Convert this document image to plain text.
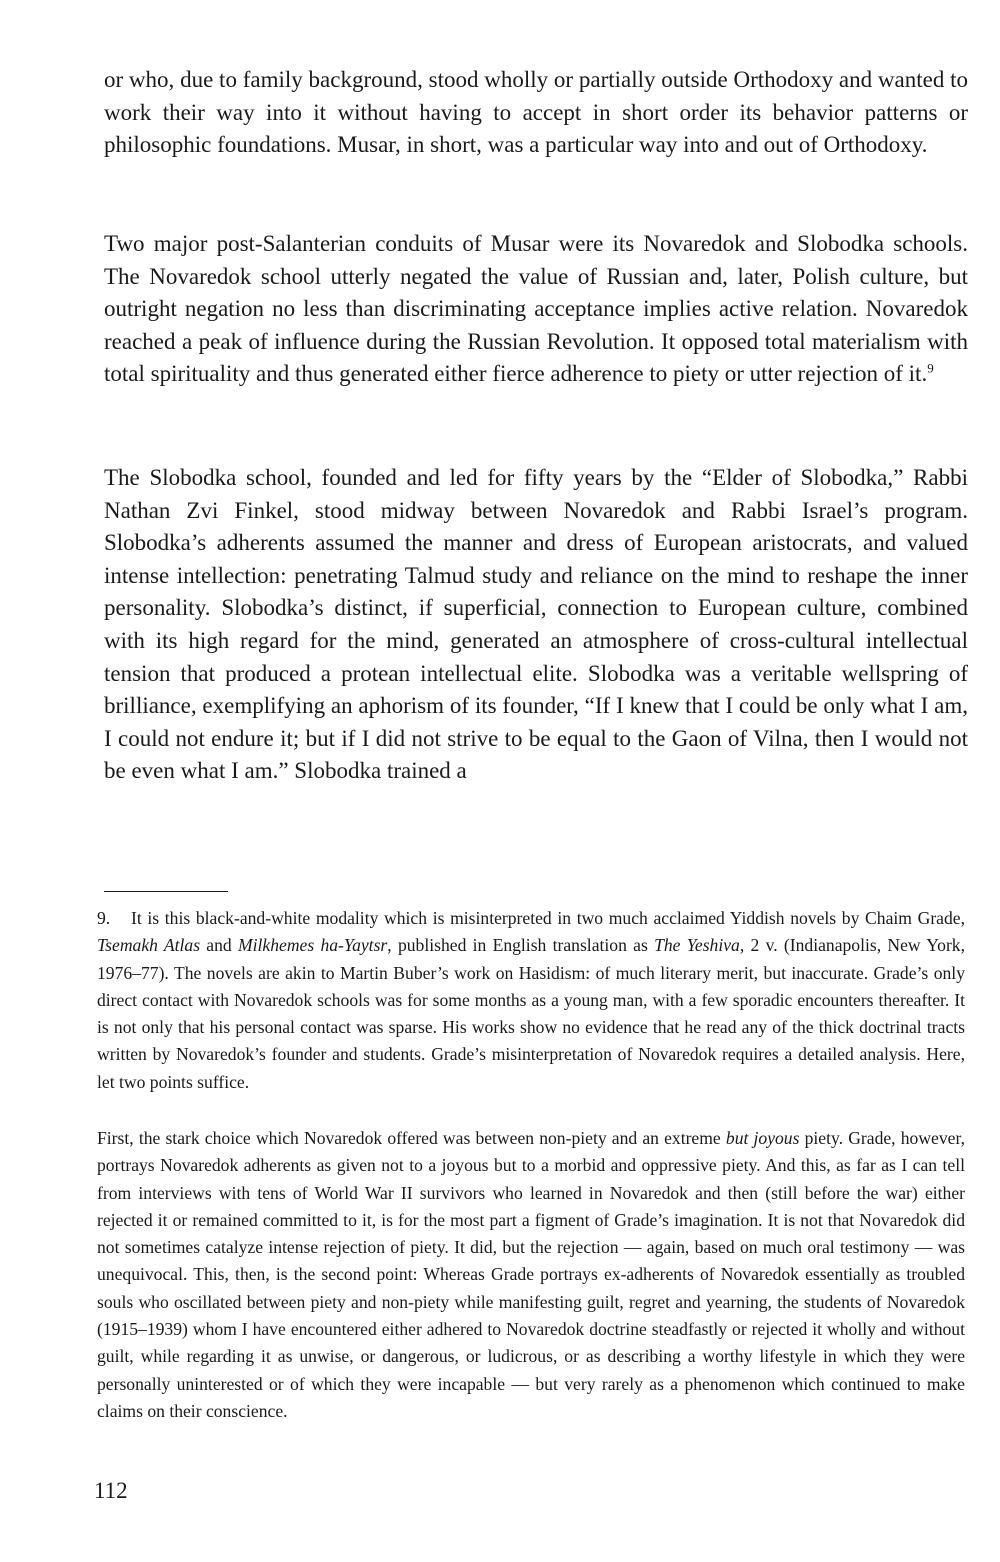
or who, due to family background, stood wholly or partially outside Orthodoxy and wanted to work their way into it without having to accept in short order its behavior patterns or philosophic foundations. Musar, in short, was a particular way into and out of Orthodoxy.

Two major post-Salanterian conduits of Musar were its Novaredok and Slobodka schools. The Novaredok school utterly negated the value of Russian and, later, Polish culture, but outright negation no less than discriminating acceptance implies active relation. Novaredok reached a peak of influence during the Russian Revolution. It opposed total materialism with total spirituality and thus generated either fierce adherence to piety or utter rejection of it.$^9$

The Slobodka school, founded and led for fifty years by the “Elder of Slobodka,” Rabbi Nathan Zvi Finkel, stood midway between Novaredok and Rabbi Israel’s program. Slobodka’s adherents assumed the manner and dress of European aristocrats, and valued intense intellection: penetrating Talmud study and reliance on the mind to reshape the inner personality. Slobodka’s distinct, if superficial, connection to European culture, combined with its high regard for the mind, generated an atmosphere of cross-cultural intellectual tension that produced a protean intellectual elite. Slobodka was a veritable wellspring of brilliance, exemplifying an aphorism of its founder, “If I knew that I could be only what I am, I could not endure it; but if I did not strive to be equal to the Gaon of Vilna, then I would not be even what I am.” Slobodka trained a

9. It is this black-and-white modality which is misinterpreted in two much acclaimed Yiddish novels by Chaim Grade, Tsemakh Atlas and Milkhemes ha-Yaytsr, published in English translation as The Yeshiva, 2 v. (Indianapolis, New York, 1976–77). The novels are akin to Martin Buber’s work on Hasidism: of much literary merit, but inaccurate. Grade’s only direct contact with Novaredok schools was for some months as a young man, with a few sporadic encounters thereafter. It is not only that his personal contact was sparse. His works show no evidence that he read any of the thick doctrinal tracts written by Novaredok’s founder and students. Grade’s misinterpretation of Novaredok requires a detailed analysis. Here, let two points suffice.

First, the stark choice which Novaredok offered was between non-piety and an extreme but joyous piety. Grade, however, portrays Novaredok adherents as given not to a joyous but to a morbid and oppressive piety. And this, as far as I can tell from interviews with tens of World War II survivors who learned in Novaredok and then (still before the war) either rejected it or remained committed to it, is for the most part a figment of Grade’s imagination. It is not that Novaredok did not sometimes catalyze intense rejection of piety. It did, but the rejection — again, based on much oral testimony — was unequivocal. This, then, is the second point: Whereas Grade portrays ex-adherents of Novaredok essentially as troubled souls who oscillated between piety and non-piety while manifesting guilt, regret and yearning, the students of Novaredok (1915–1939) whom I have encountered either adhered to Novaredok doctrine steadfastly or rejected it wholly and without guilt, while regarding it as unwise, or dangerous, or ludicrous, or as describing a worthy lifestyle in which they were personally uninterested or of which they were incapable — but very rarely as a phenomenon which continued to make claims on their conscience.

112
